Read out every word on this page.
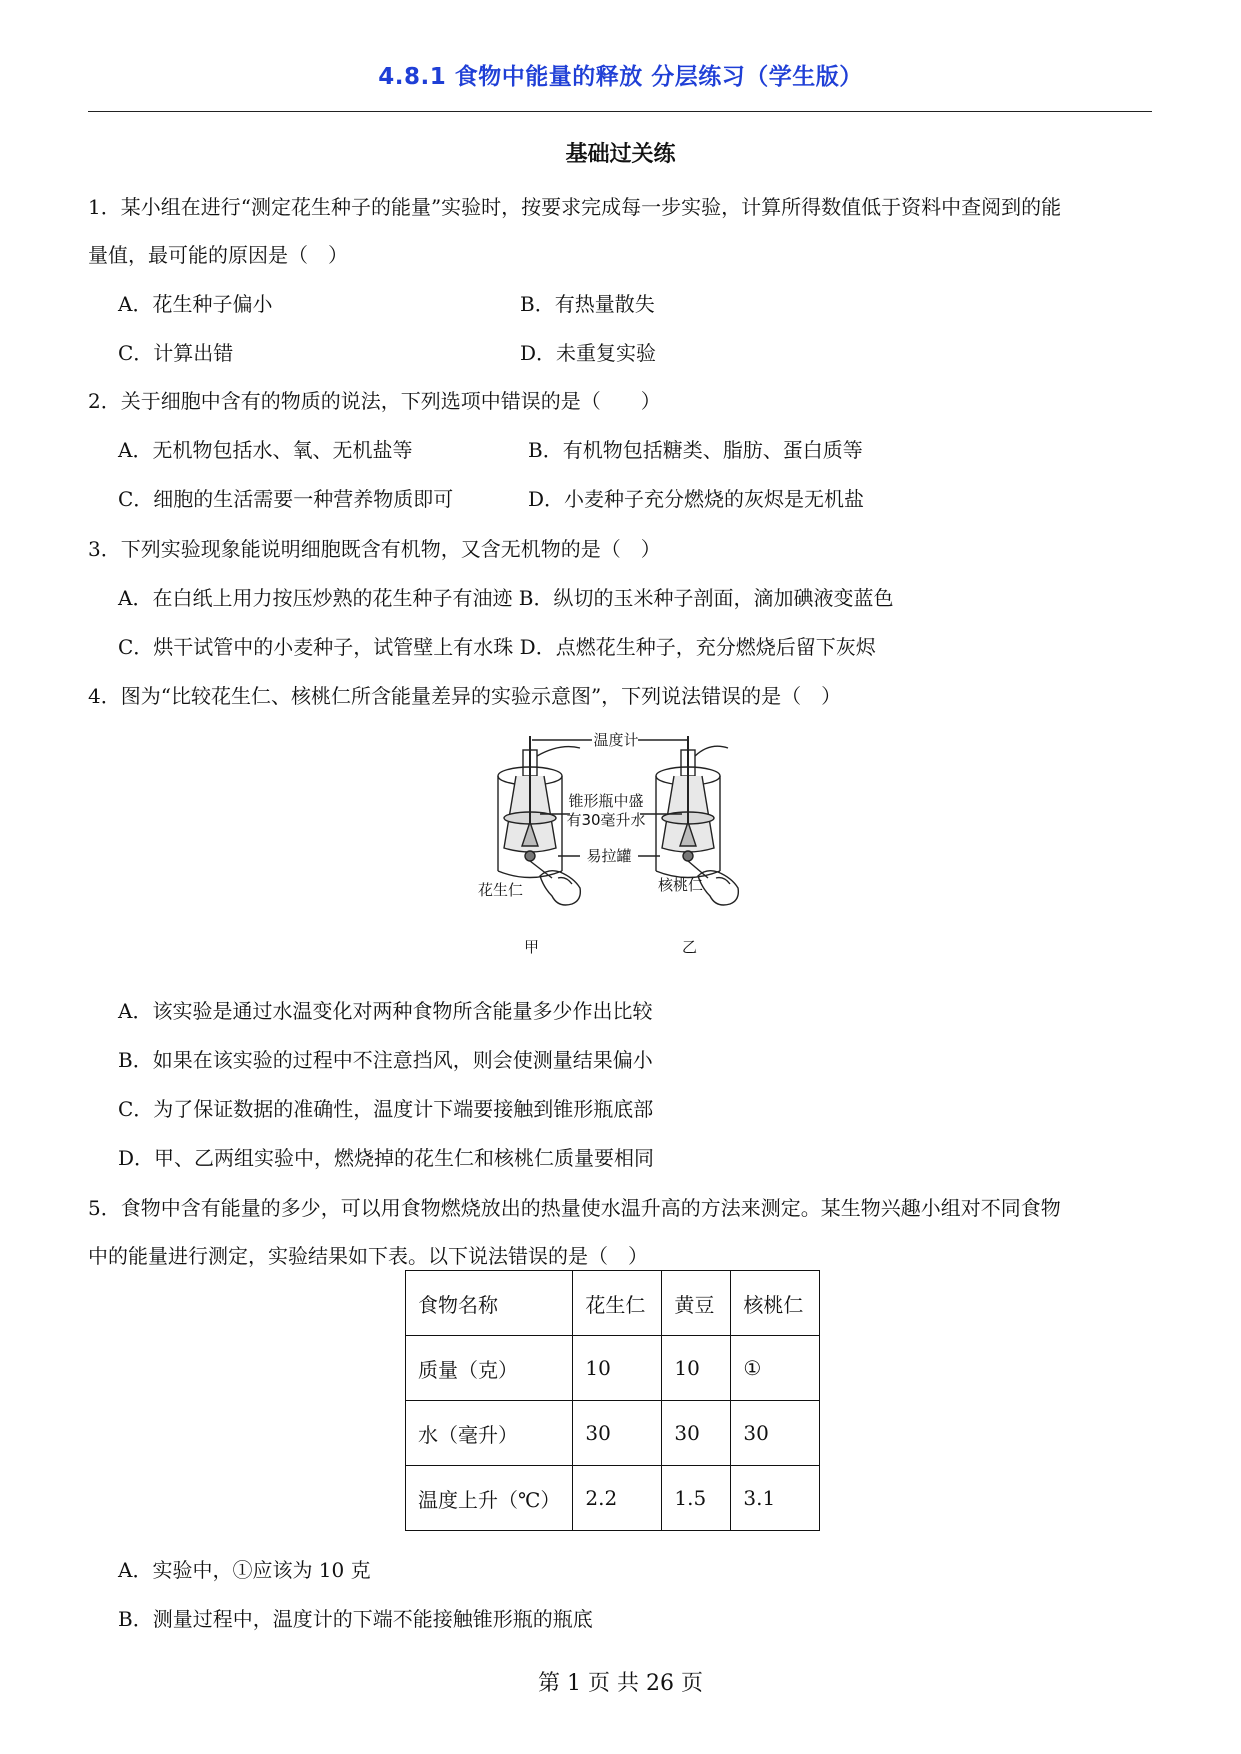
4.8.1 食物中能量的释放 分层练习（学生版）
基础过关练
1．某小组在进行“测定花生种子的能量”实验时，按要求完成每一步实验，计算所得数值低于资料中查阅到的能
量值，最可能的原因是（　）
A．花生种子偏小	B．有热量散失
C．计算出错	D．未重复实验
2．关于细胞中含有的物质的说法，下列选项中错误的是（　　）
A．无机物包括水、氧、无机盐等	B．有机物包括糖类、脂肪、蛋白质等
C．细胞的生活需要一种营养物质即可	D．小麦种子充分燃烧的灰烬是无机盐
3．下列实验现象能说明细胞既含有机物，又含无机物的是（　）
A．在白纸上用力按压炒熟的花生种子有油迹 B．纵切的玉米种子剖面，滴加碘液变蓝色
C．烘干试管中的小麦种子，试管壁上有水珠 D．点燃花生种子，充分燃烧后留下灰烬
4．图为“比较花生仁、核桃仁所含能量差异的实验示意图”，下列说法错误的是（　）
温度计
锥形瓶中盛
有30毫升水
易拉罐
花生仁	核桃仁
甲	乙
A．该实验是通过水温变化对两种食物所含能量多少作出比较
B．如果在该实验的过程中不注意挡风，则会使测量结果偏小
C．为了保证数据的准确性，温度计下端要接触到锥形瓶底部
D．甲、乙两组实验中，燃烧掉的花生仁和核桃仁质量要相同
5．食物中含有能量的多少，可以用食物燃烧放出的热量使水温升高的方法来测定。某生物兴趣小组对不同食物
中的能量进行测定，实验结果如下表。以下说法错误的是（　）
食物名称	花生仁	黄豆	核桃仁
质量（克）	10	10	①
水（毫升）	30	30	30
温度上升（℃）	2.2	1.5	3.1
A．实验中，①应该为 10 克
B．测量过程中，温度计的下端不能接触锥形瓶的瓶底
第 1 页 共 26 页
